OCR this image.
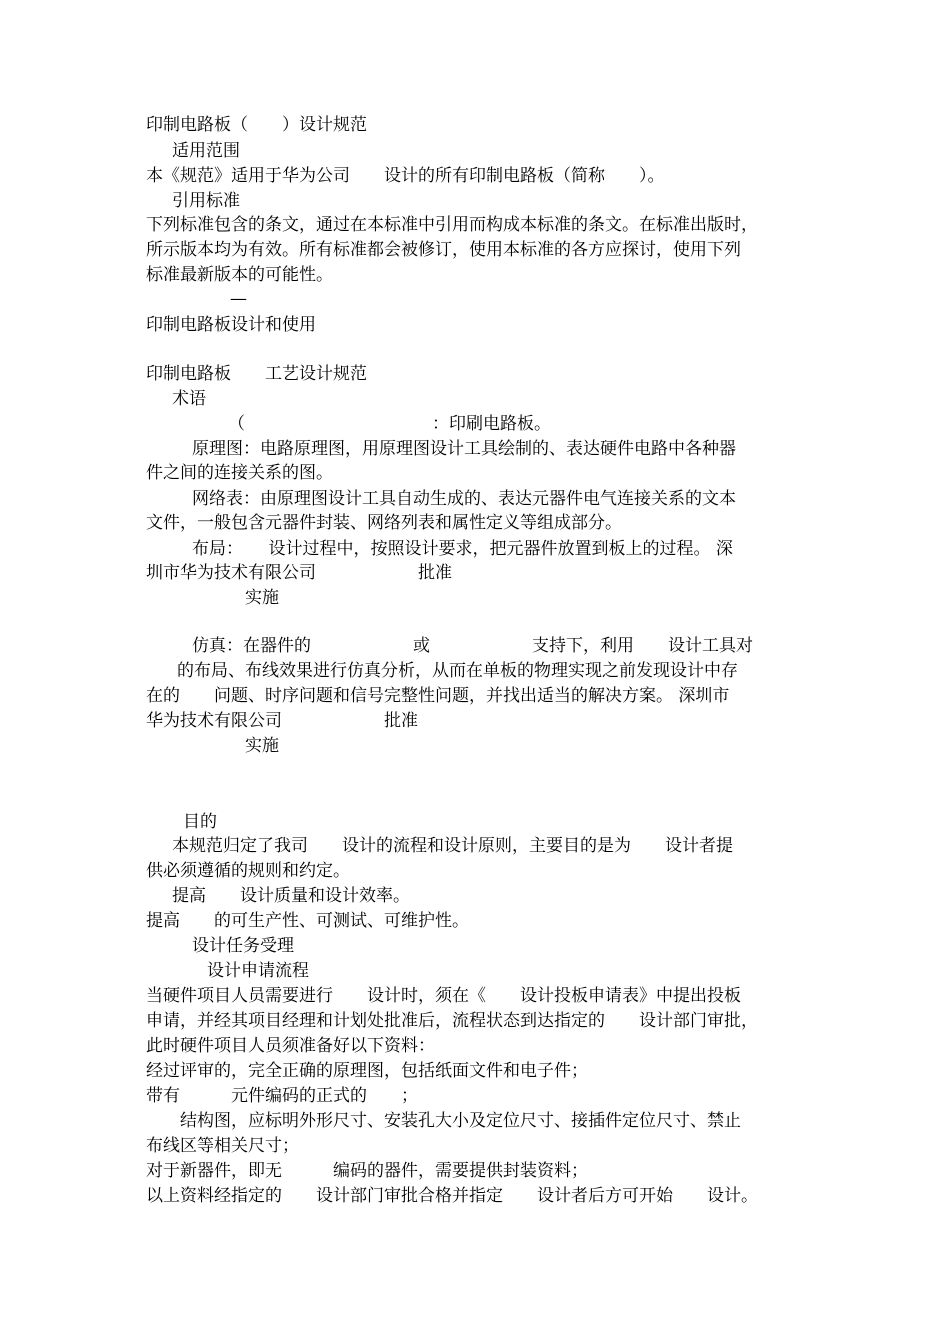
印制电路板（　　）设计规范

适用范围

本《规范》适用于华为公司　　设计的所有印制电路板（简称　　）。

引用标准

下列标准包含的条文，通过在本标准中引用而构成本标准的条文。在标准出版时，

所示版本均为有效。所有标准都会被修订，使用本标准的各方应探讨，使用下列

标准最新版本的可能性。

—

印制电路板设计和使用

印制电路板　　工艺设计规范

术语

（　　　　　　　　　　　：印刷电路板。

原理图：电路原理图，用原理图设计工具绘制的、表达硬件电路中各种器

件之间的连接关系的图。

网络表：由原理图设计工具自动生成的、表达元器件电气连接关系的文本

文件，一般包含元器件封装、网络列表和属性定义等组成部分。

布局：　　设计过程中，按照设计要求，把元器件放置到板上的过程。 深

圳市华为技术有限公司　　　　　　批准

实施

仿真：在器件的　　　　　　或　　　　　　支持下，利用　　设计工具对

的布局、布线效果进行仿真分析，从而在单板的物理实现之前发现设计中存

在的　　问题、时序问题和信号完整性问题，并找出适当的解决方案。 深圳市

华为技术有限公司　　　　　　批准

实施

目的

本规范归定了我司　　设计的流程和设计原则，主要目的是为　　设计者提

供必须遵循的规则和约定。

提高　　设计质量和设计效率。

提高　　的可生产性、可测试、可维护性。

设计任务受理

设计申请流程

当硬件项目人员需要进行　　设计时，须在《　　设计投板申请表》中提出投板

申请，并经其项目经理和计划处批准后，流程状态到达指定的　　设计部门审批，

此时硬件项目人员须准备好以下资料：

经过评审的，完全正确的原理图，包括纸面文件和电子件；

带有　　　元件编码的正式的　　；

结构图，应标明外形尺寸、安装孔大小及定位尺寸、接插件定位尺寸、禁止

布线区等相关尺寸；

对于新器件，即无　　　编码的器件，需要提供封装资料；

以上资料经指定的　　设计部门审批合格并指定　　设计者后方可开始　　设计。
